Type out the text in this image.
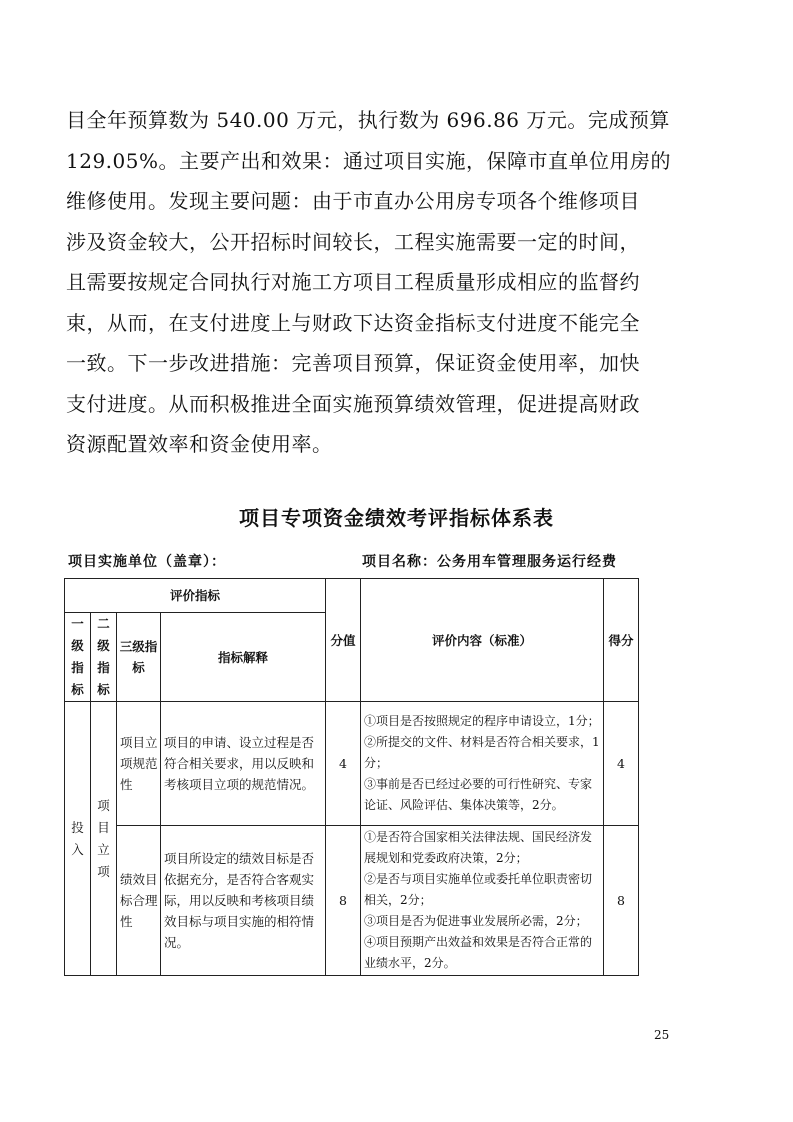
目全年预算数为 540.00 万元，执行数为 696.86 万元。完成预算
129.05%。主要产出和效果：通过项目实施，保障市直单位用房的
维修使用。发现主要问题：由于市直办公用房专项各个维修项目
涉及资金较大，公开招标时间较长，工程实施需要一定的时间，
且需要按规定合同执行对施工方项目工程质量形成相应的监督约
束，从而，在支付进度上与财政下达资金指标支付进度不能完全
一致。下一步改进措施：完善项目预算，保证资金使用率，加快
支付进度。从而积极推进全面实施预算绩效管理，促进提高财政
资源配置效率和资金使用率。
项目专项资金绩效考评指标体系表
项目实施单位（盖章）：	项目名称：公务用车管理服务运行经费
评价指标				分值	评价内容（标准）	得分

一
级
指
标	二
级
指
标	三级指标	指标解释			

投
入	项
目
立
项	项目立项规范性	项目的申请、设立过程是否符合相关要求，用以反映和考核项目立项的规范情况。	4	①项目是否按照规定的程序申请设立，1分；
②所提交的文件、材料是否符合相关要求，1分；
③事前是否已经过必要的可行性研究、专家论证、风险评估、集体决策等，2分。	4
		绩效目标合理性	项目所设定的绩效目标是否依据充分，是否符合客观实际，用以反映和考核项目绩效目标与项目实施的相符情况。	8	①是否符合国家相关法律法规、国民经济发展规划和党委政府决策，2分；
②是否与项目实施单位或委托单位职责密切相关，2分；
③项目是否为促进事业发展所必需，2分；
④项目预期产出效益和效果是否符合正常的业绩水平，2分。	8
25
